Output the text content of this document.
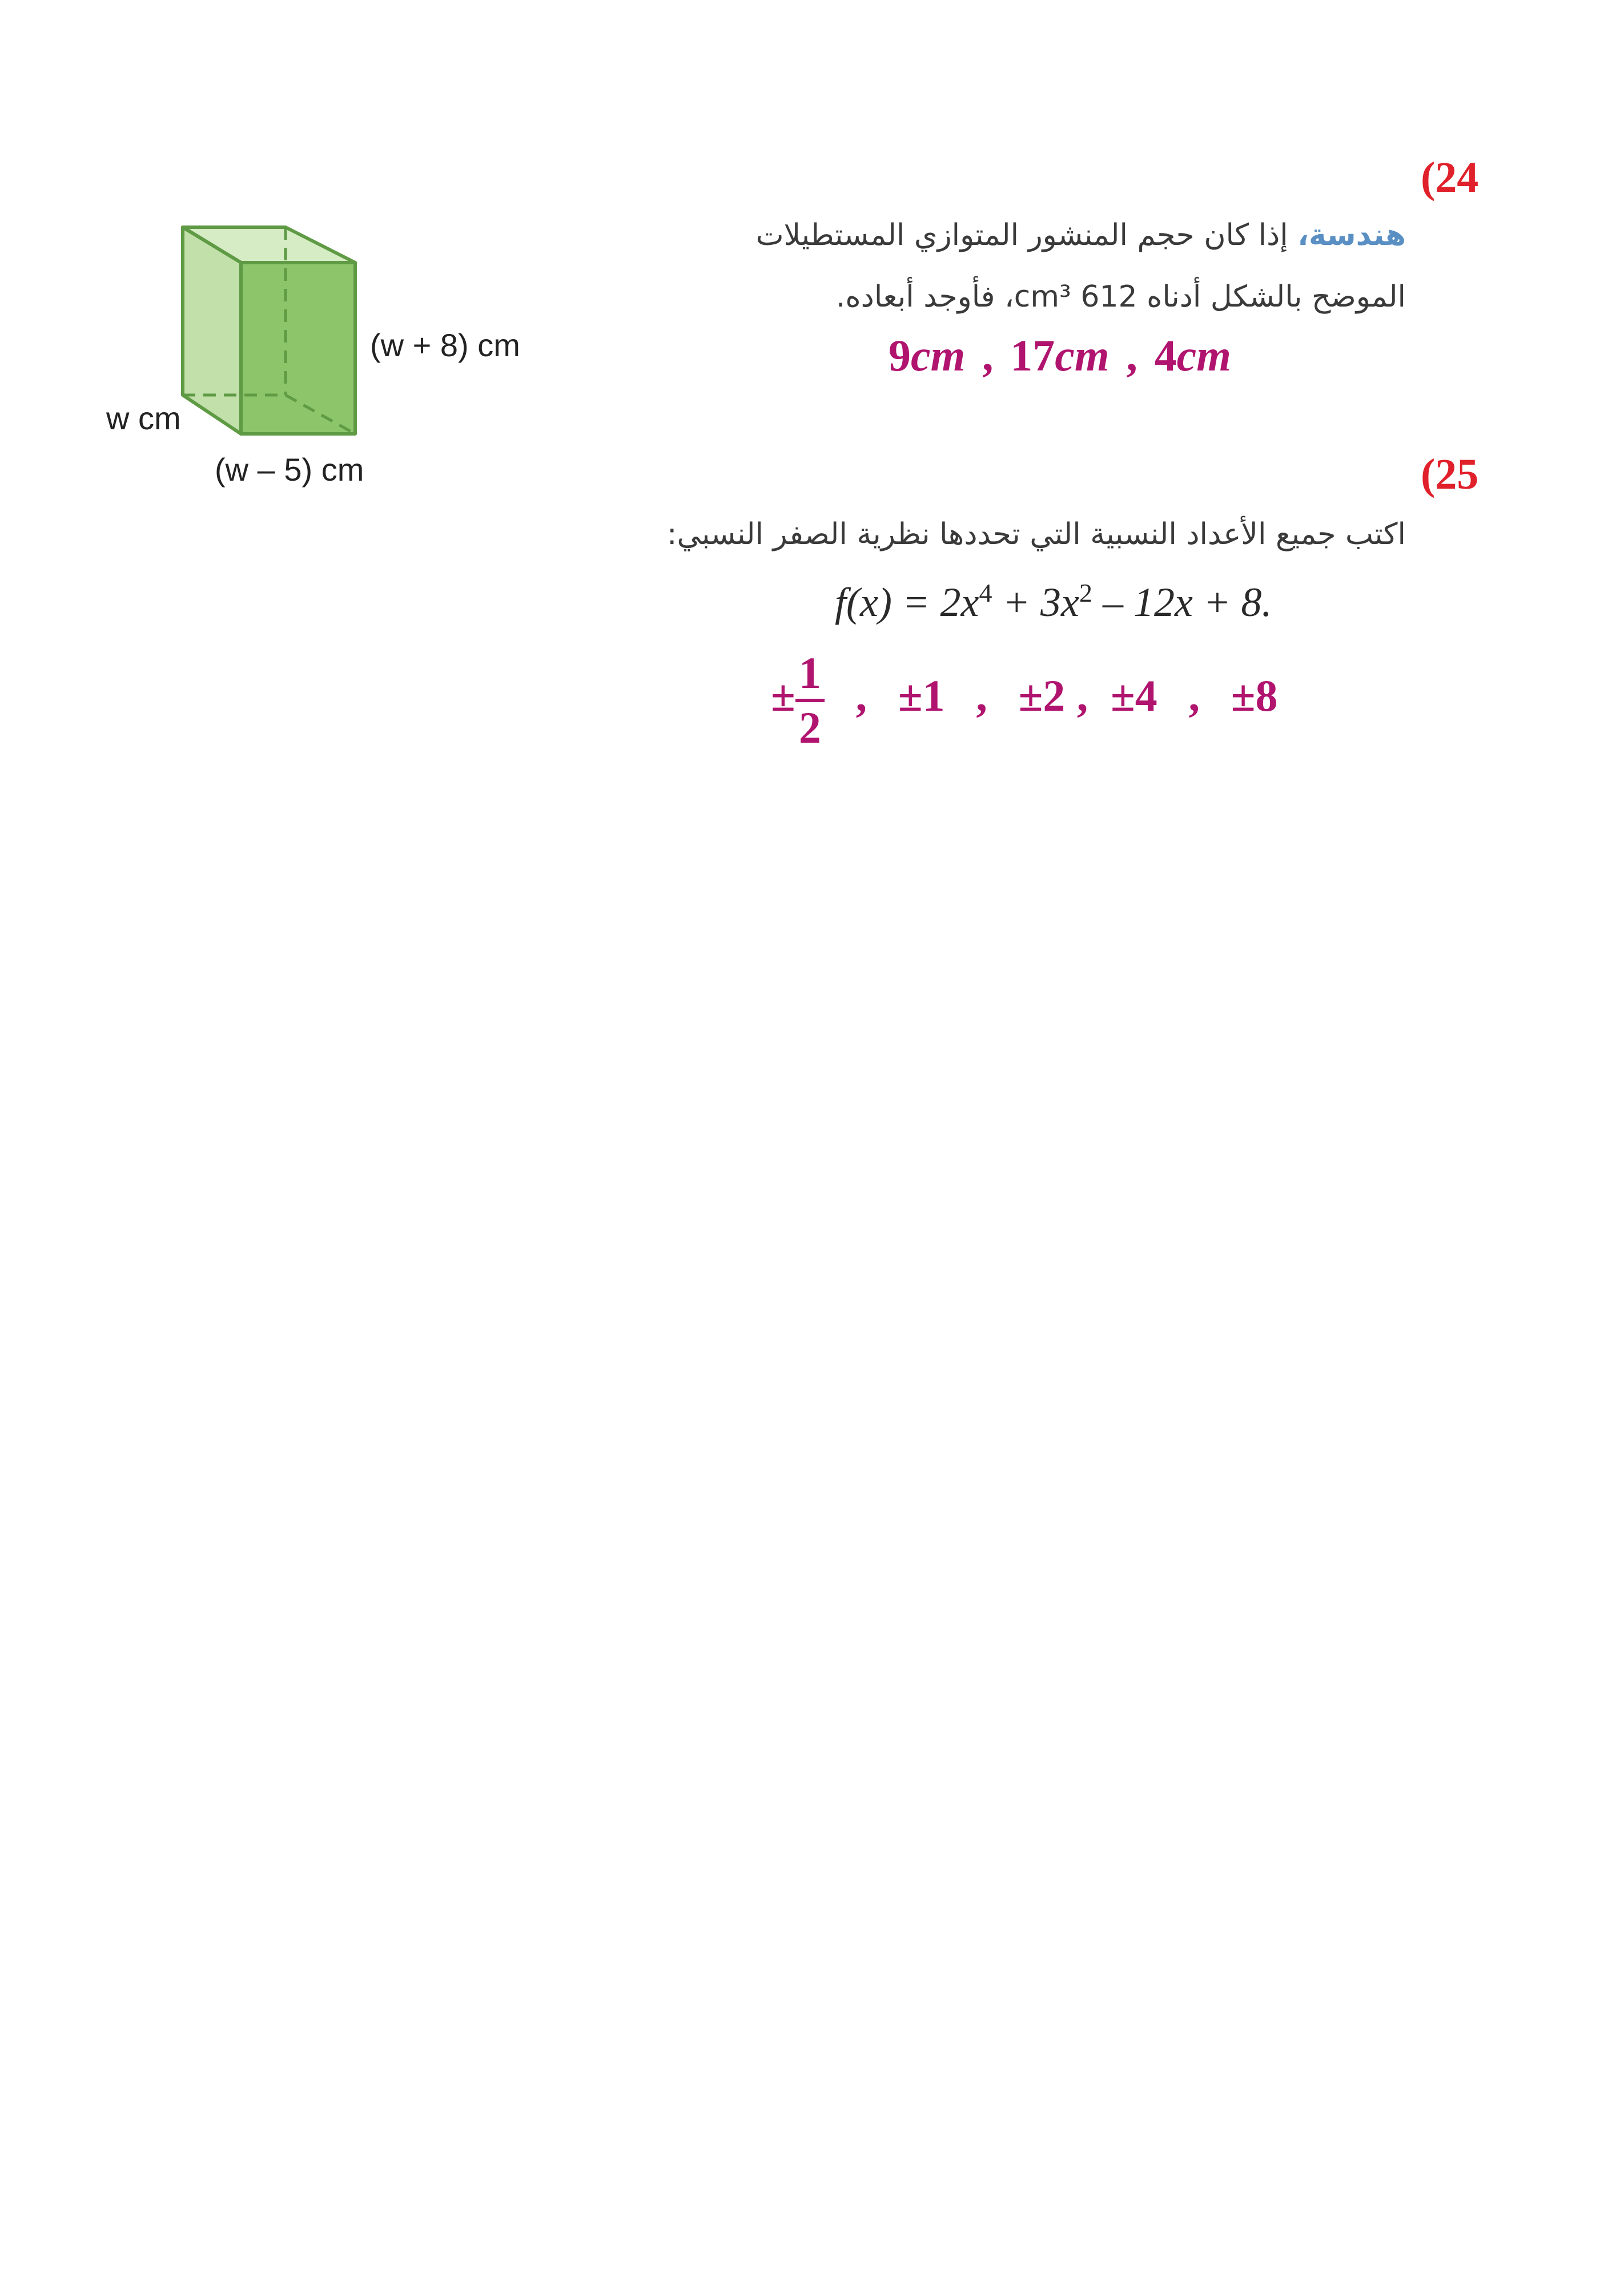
(24
هندسة، إذا كان حجم المنشور المتوازي المستطيلات
الموضح بالشكل أدناه 612 cm³، فأوجد أبعاده.
9cm , 17cm , 4cm
(w + 8) cm
w cm
(w – 5) cm	(25
اكتب جميع الأعداد النسبية التي تحددها نظرية الصفر النسبي:
$f(x) = 2x^4 + 3x^2 - 12x + 8$.
± $\frac{1}{2}$ , ±1 , ±2 , ±4 , ±8
